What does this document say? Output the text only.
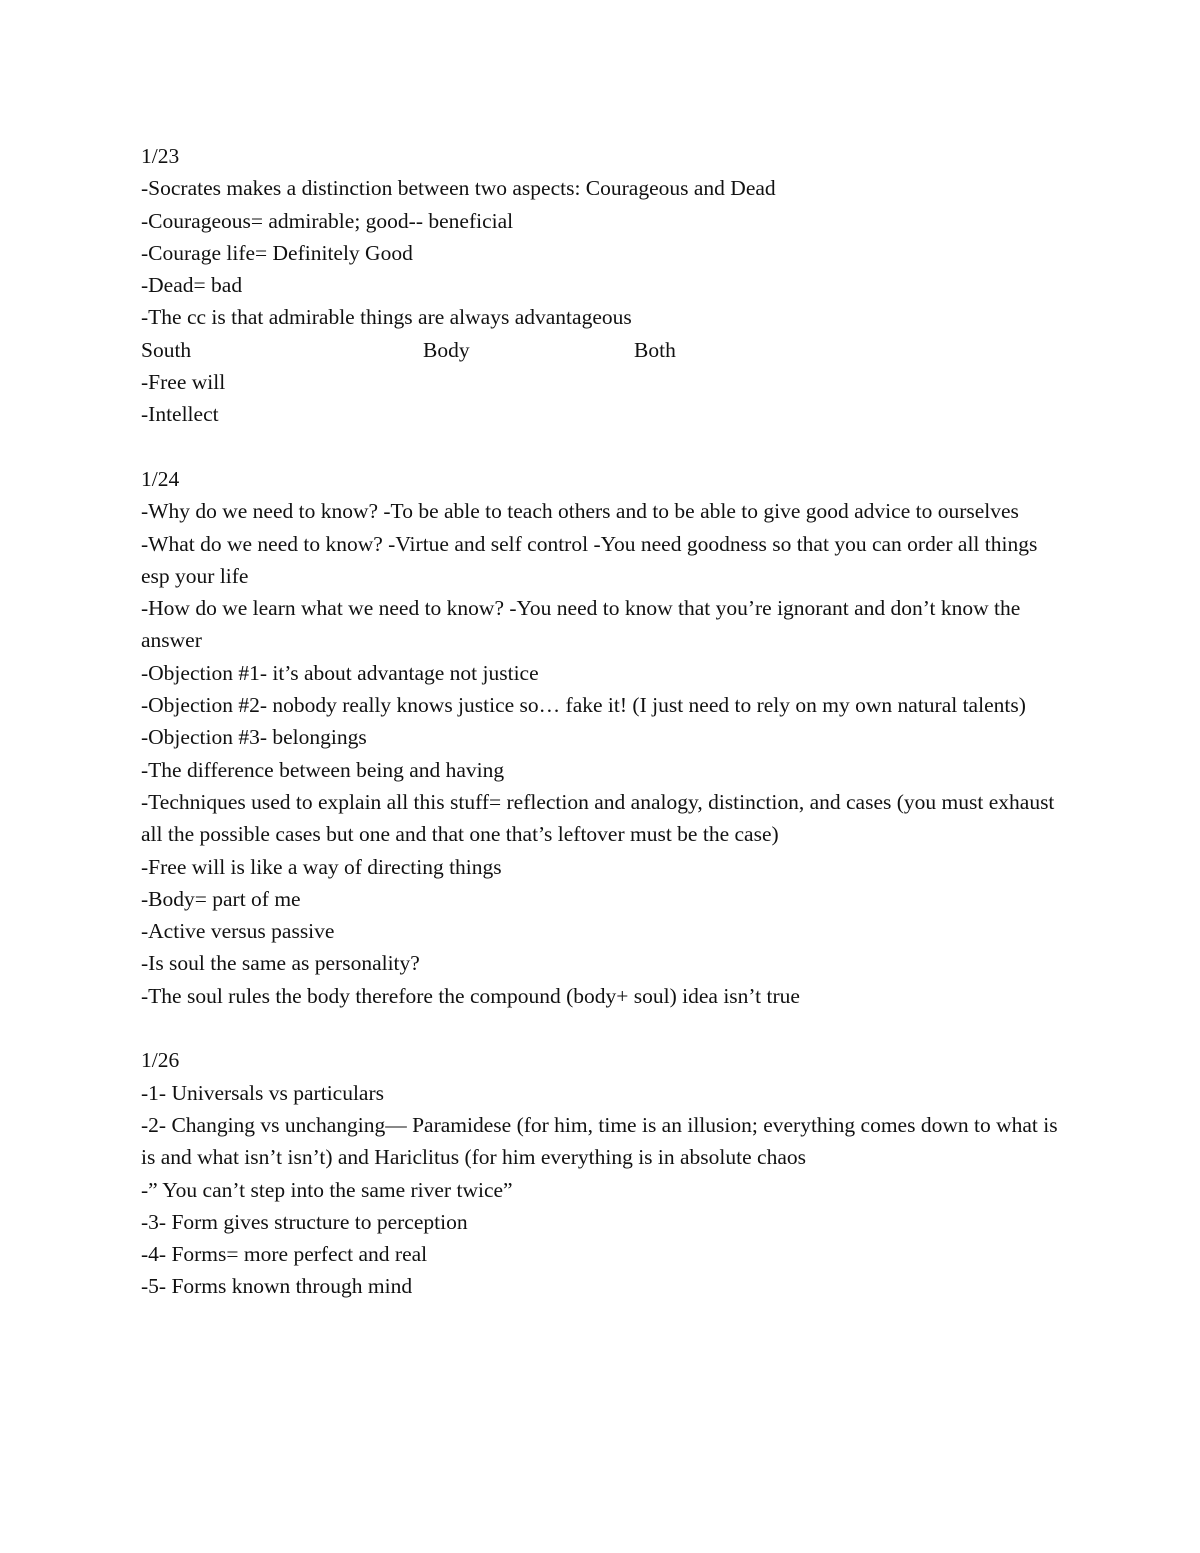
1/23

-Socrates makes a distinction between two aspects: Courageous and Dead

-Courageous= admirable; good-- beneficial

-Courage life= Definitely Good

-Dead= bad

-The cc is that admirable things are always advantageous

South	Body	Both

-Free will

-Intellect

1/24

-Why do we need to know? -To be able to teach others and to be able to give good advice to ourselves

-What do we need to know? -Virtue and self control -You need goodness so that you can order all things esp your life

-How do we learn what we need to know? -You need to know that you’re ignorant and don’t know the answer

-Objection #1- it’s about advantage not justice

-Objection #2- nobody really knows justice so… fake it! (I just need to rely on my own natural talents)

-Objection #3- belongings

-The difference between being and having

-Techniques used to explain all this stuff= reflection and analogy, distinction, and cases (you must exhaust all the possible cases but one and that one that’s leftover must be the case)

-Free will is like a way of directing things

-Body= part of me

-Active versus passive

-Is soul the same as personality?

-The soul rules the body therefore the compound (body+ soul) idea isn’t true

1/26

-1- Universals vs particulars

-2- Changing vs unchanging— Paramidese (for him, time is an illusion; everything comes down to what is is and what isn’t isn’t) and Hariclitus (for him everything is in absolute chaos

-” You can’t step into the same river twice”

-3- Form gives structure to perception

-4- Forms= more perfect and real

-5- Forms known through mind
